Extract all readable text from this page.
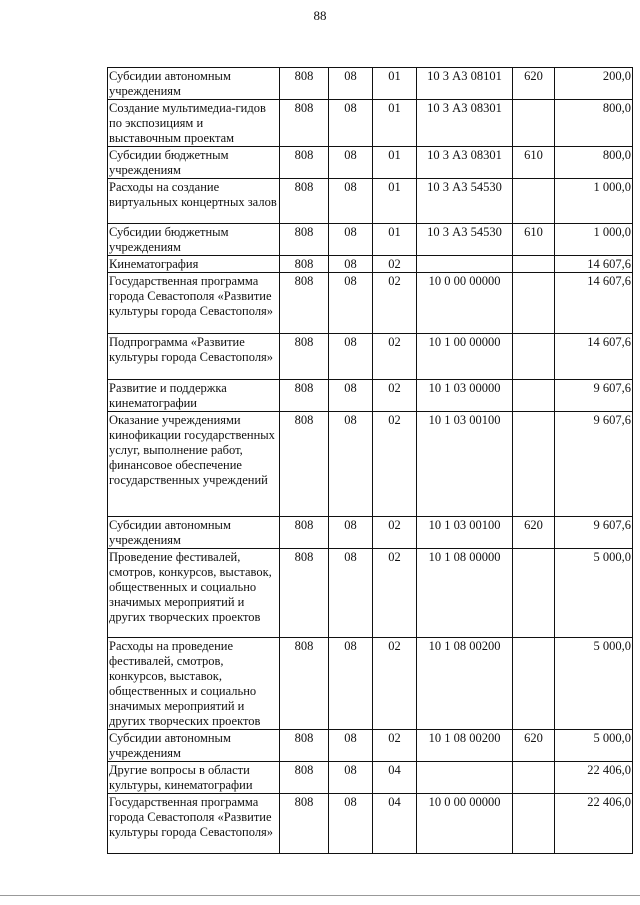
88
Субсидии автономным учреждениям	808	08	01	10 3 А3 08101	620	200,0
Создание мультимедиа-гидов по экспозициям и выставочным проектам	808	08	01	10 3 А3 08301		800,0
Субсидии бюджетным учреждениям	808	08	01	10 3 А3 08301	610	800,0
Расходы на создание виртуальных концертных залов	808	08	01	10 3 А3 54530		1 000,0
Субсидии бюджетным учреждениям	808	08	01	10 3 А3 54530	610	1 000,0
Кинематография	808	08	02			14 607,6
Государственная программа города Севастополя «Развитие культуры города Севастополя»	808	08	02	10 0 00 00000		14 607,6
Подпрограмма «Развитие культуры города Севастополя»	808	08	02	10 1 00 00000		14 607,6
Развитие и поддержка кинематографии	808	08	02	10 1 03 00000		9 607,6
Оказание учреждениями кинофикации государственных услуг, выполнение работ, финансовое обеспечение государственных учреждений	808	08	02	10 1 03 00100		9 607,6
Субсидии автономным учреждениям	808	08	02	10 1 03 00100	620	9 607,6
Проведение фестивалей, смотров, конкурсов, выставок, общественных и социально значимых мероприятий и других творческих проектов	808	08	02	10 1 08 00000		5 000,0
Расходы на проведение фестивалей, смотров, конкурсов, выставок, общественных и социально значимых мероприятий и других творческих проектов	808	08	02	10 1 08 00200		5 000,0
Субсидии автономным учреждениям	808	08	02	10 1 08 00200	620	5 000,0
Другие вопросы в области культуры, кинематографии	808	08	04			22 406,0
Государственная программа города Севастополя «Развитие культуры города Севастополя»	808	08	04	10 0 00 00000		22 406,0
